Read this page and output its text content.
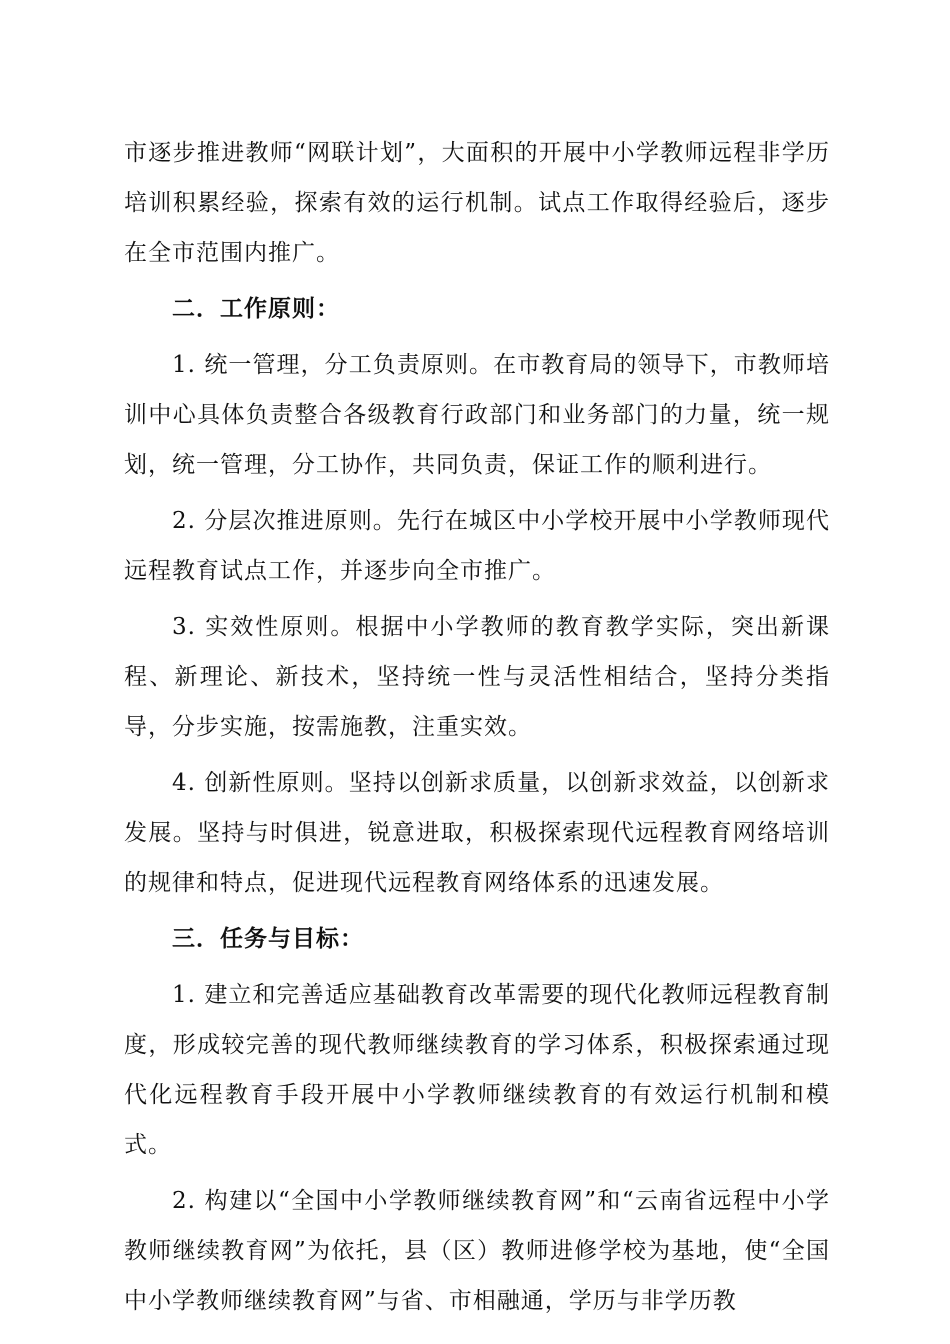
市逐步推进教师“网联计划”，大面积的开展中小学教师远程非学历培训积累经验，探索有效的运行机制。试点工作取得经验后，逐步在全市范围内推广。

二．工作原则：

1. 统一管理，分工负责原则。在市教育局的领导下，市教师培训中心具体负责整合各级教育行政部门和业务部门的力量，统一规划，统一管理，分工协作，共同负责，保证工作的顺利进行。

2. 分层次推进原则。先行在城区中小学校开展中小学教师现代远程教育试点工作，并逐步向全市推广。

3. 实效性原则。根据中小学教师的教育教学实际，突出新课程、新理论、新技术，坚持统一性与灵活性相结合，坚持分类指导，分步实施，按需施教，注重实效。

4. 创新性原则。坚持以创新求质量，以创新求效益，以创新求发展。坚持与时俱进，锐意进取，积极探索现代远程教育网络培训的规律和特点，促进现代远程教育网络体系的迅速发展。

三．任务与目标：

1. 建立和完善适应基础教育改革需要的现代化教师远程教育制度，形成较完善的现代教师继续教育的学习体系，积极探索通过现代化远程教育手段开展中小学教师继续教育的有效运行机制和模式。

2. 构建以“全国中小学教师继续教育网”和“云南省远程中小学教师继续教育网”为依托，县（区）教师进修学校为基地，使“全国中小学教师继续教育网”与省、市相融通，学历与非学历教
